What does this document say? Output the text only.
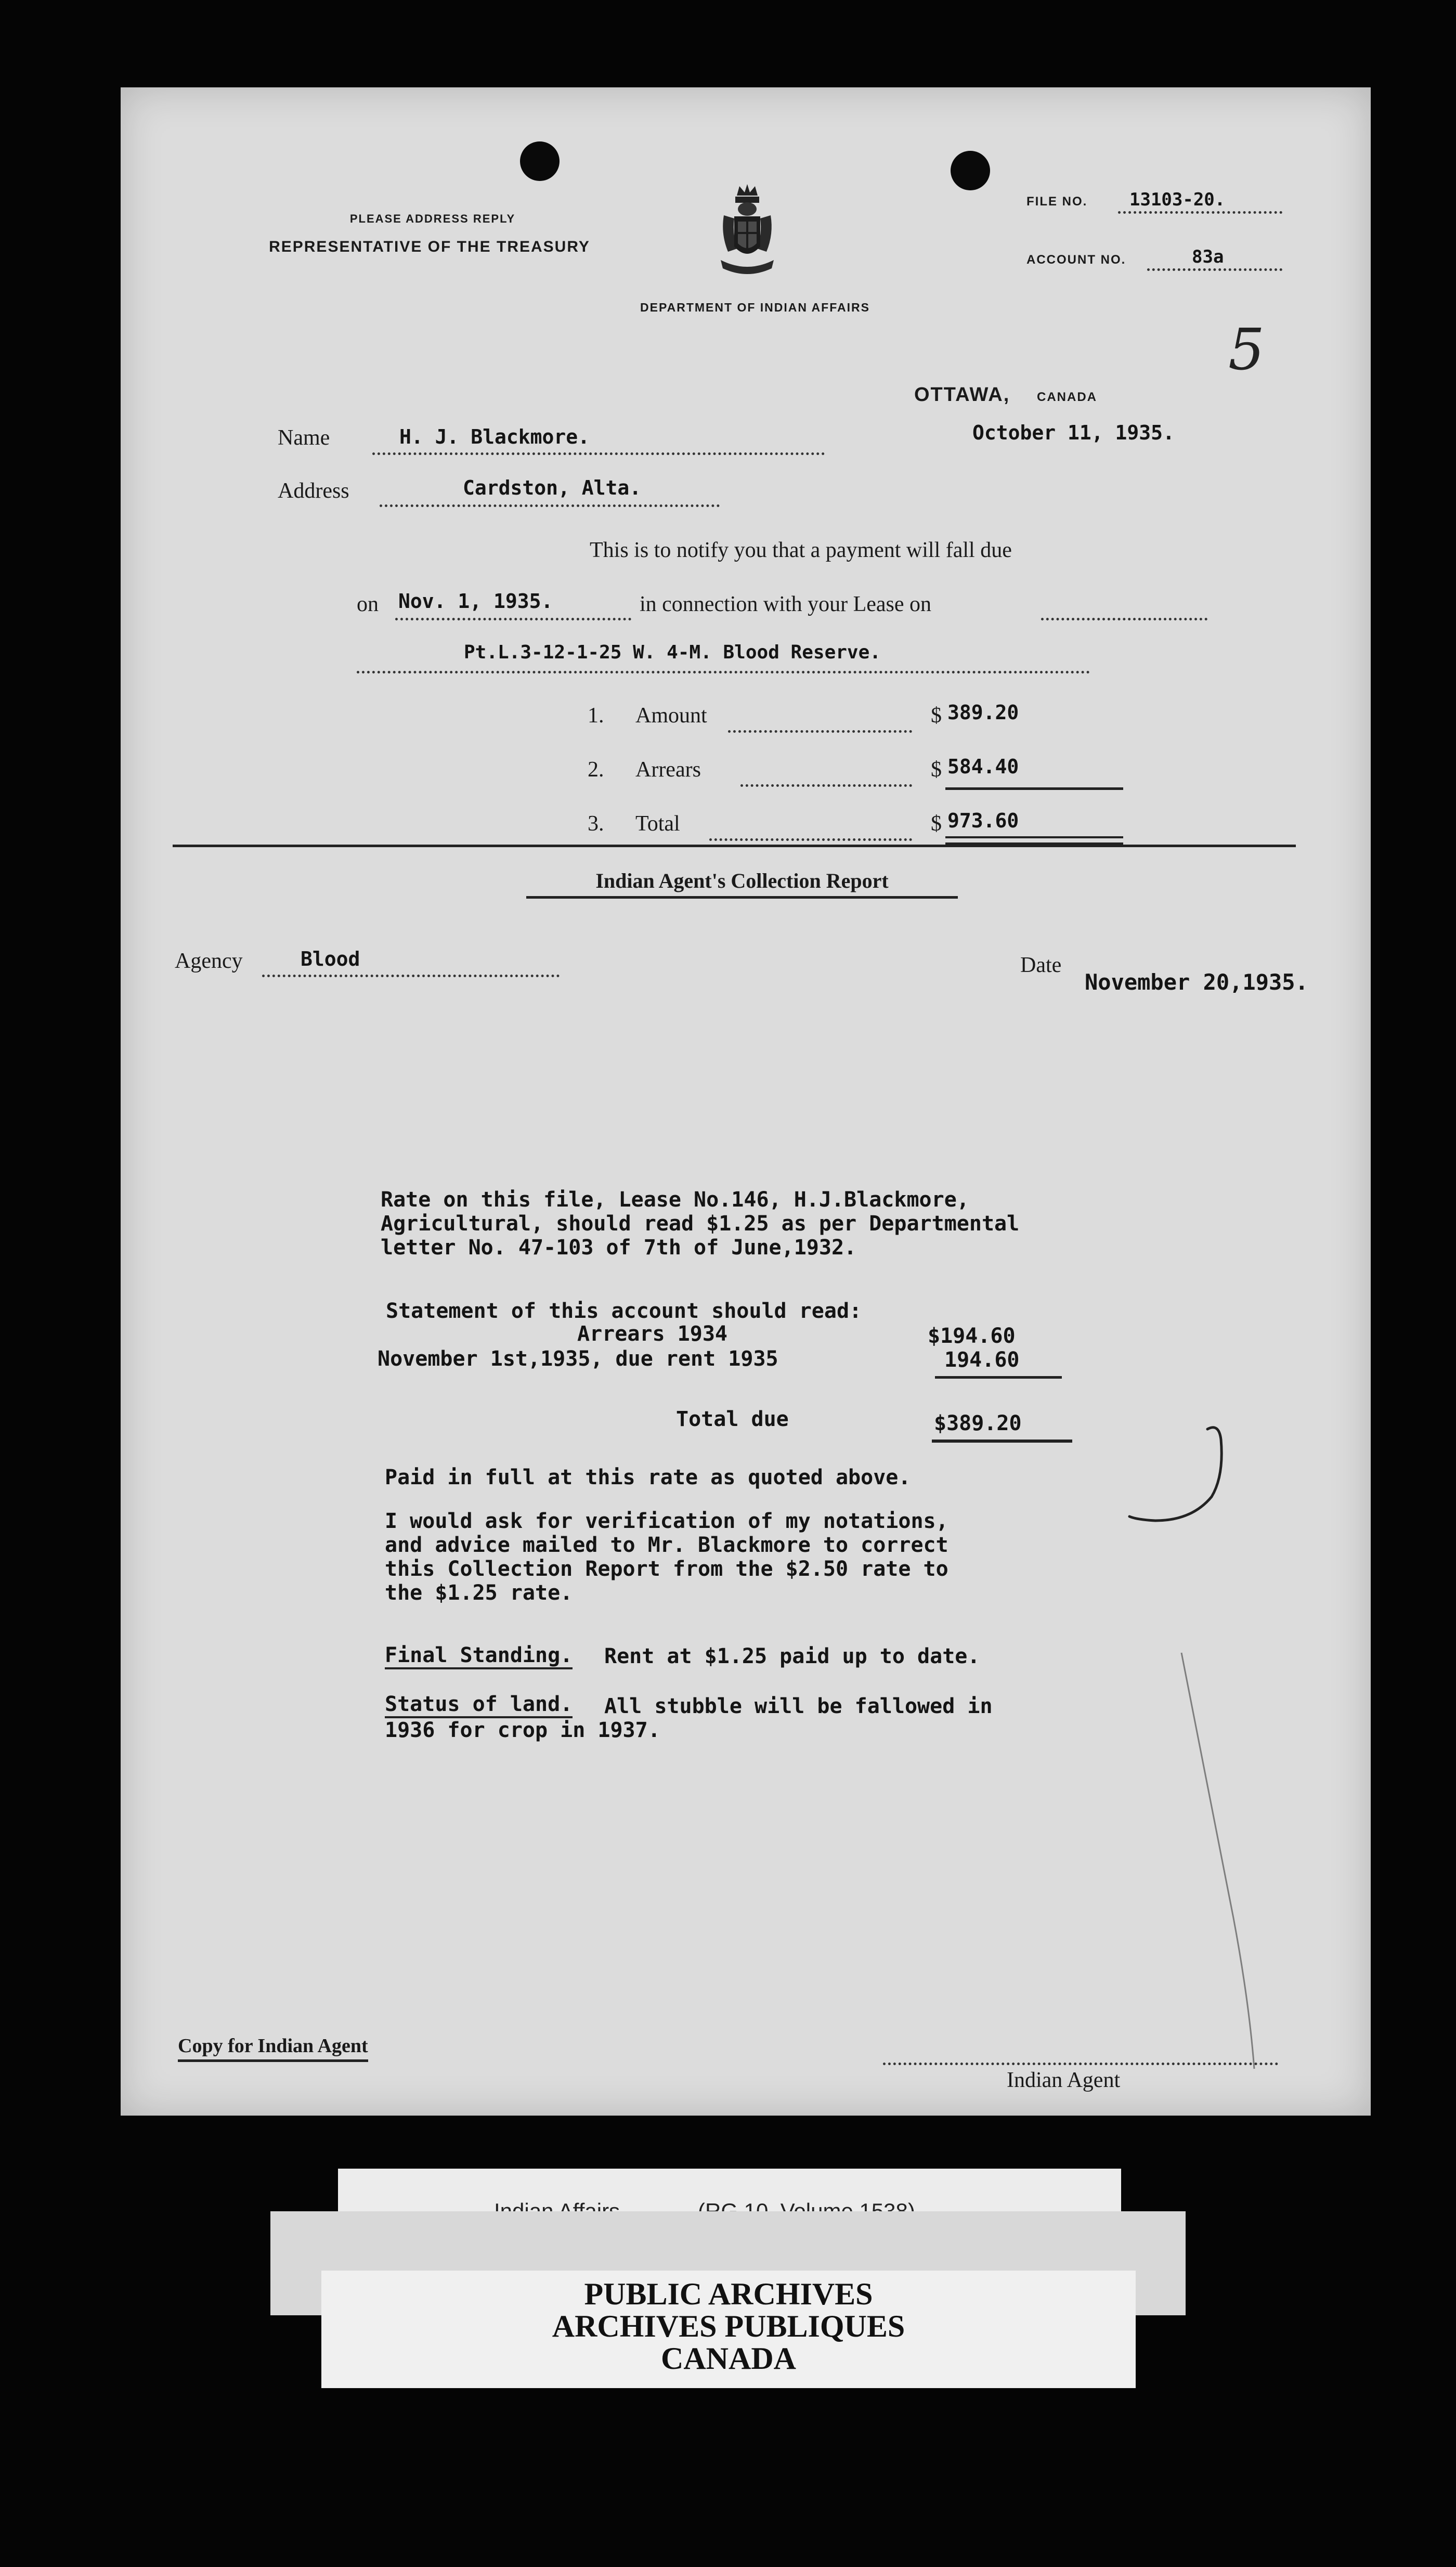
PLEASE ADDRESS REPLY
REPRESENTATIVE OF THE TREASURY
DEPARTMENT OF INDIAN AFFAIRS
FILE NO. 13103-20.
ACCOUNT NO.	83a
5
OTTAWA, CANADA
October 11, 1935.
Name	H. J. Blackmore.
Address	Cardston, Alta.
This is to notify you that a payment will fall due
on Nov. 1, 1935.	in connection with your Lease on
Pt.L.3-12-1-25 W. 4-M. Blood Reserve.
1. Amount	$ 389.20
2. Arrears	$ 584.40
3. Total	$ 973.60
Indian Agent's Collection Report
Agency	Blood	Date
November 20,1935.
Rate on this file, Lease No.146, H.J.Blackmore,
Agricultural, should read $1.25 as per Departmental
letter No. 47-103 of 7th of June,1932.
Statement of this account should read:
Arrears 1934	$194.60
November 1st,1935, due rent 1935	194.60
Total due	$389.20
Paid in full at this rate as quoted above.
I would ask for verification of my notations,
and advice mailed to Mr. Blackmore to correct
this Collection Report from the $2.50 rate to
the $1.25 rate.
Final Standing. Rent at $1.25 paid up to date.
Status of land.	All stubble will be fallowed in
1936 for crop in 1937.
Copy for Indian Agent
Indian Agent
PUBLIC ARCHIVES
ARCHIVES PUBLIQUES
CANADA
